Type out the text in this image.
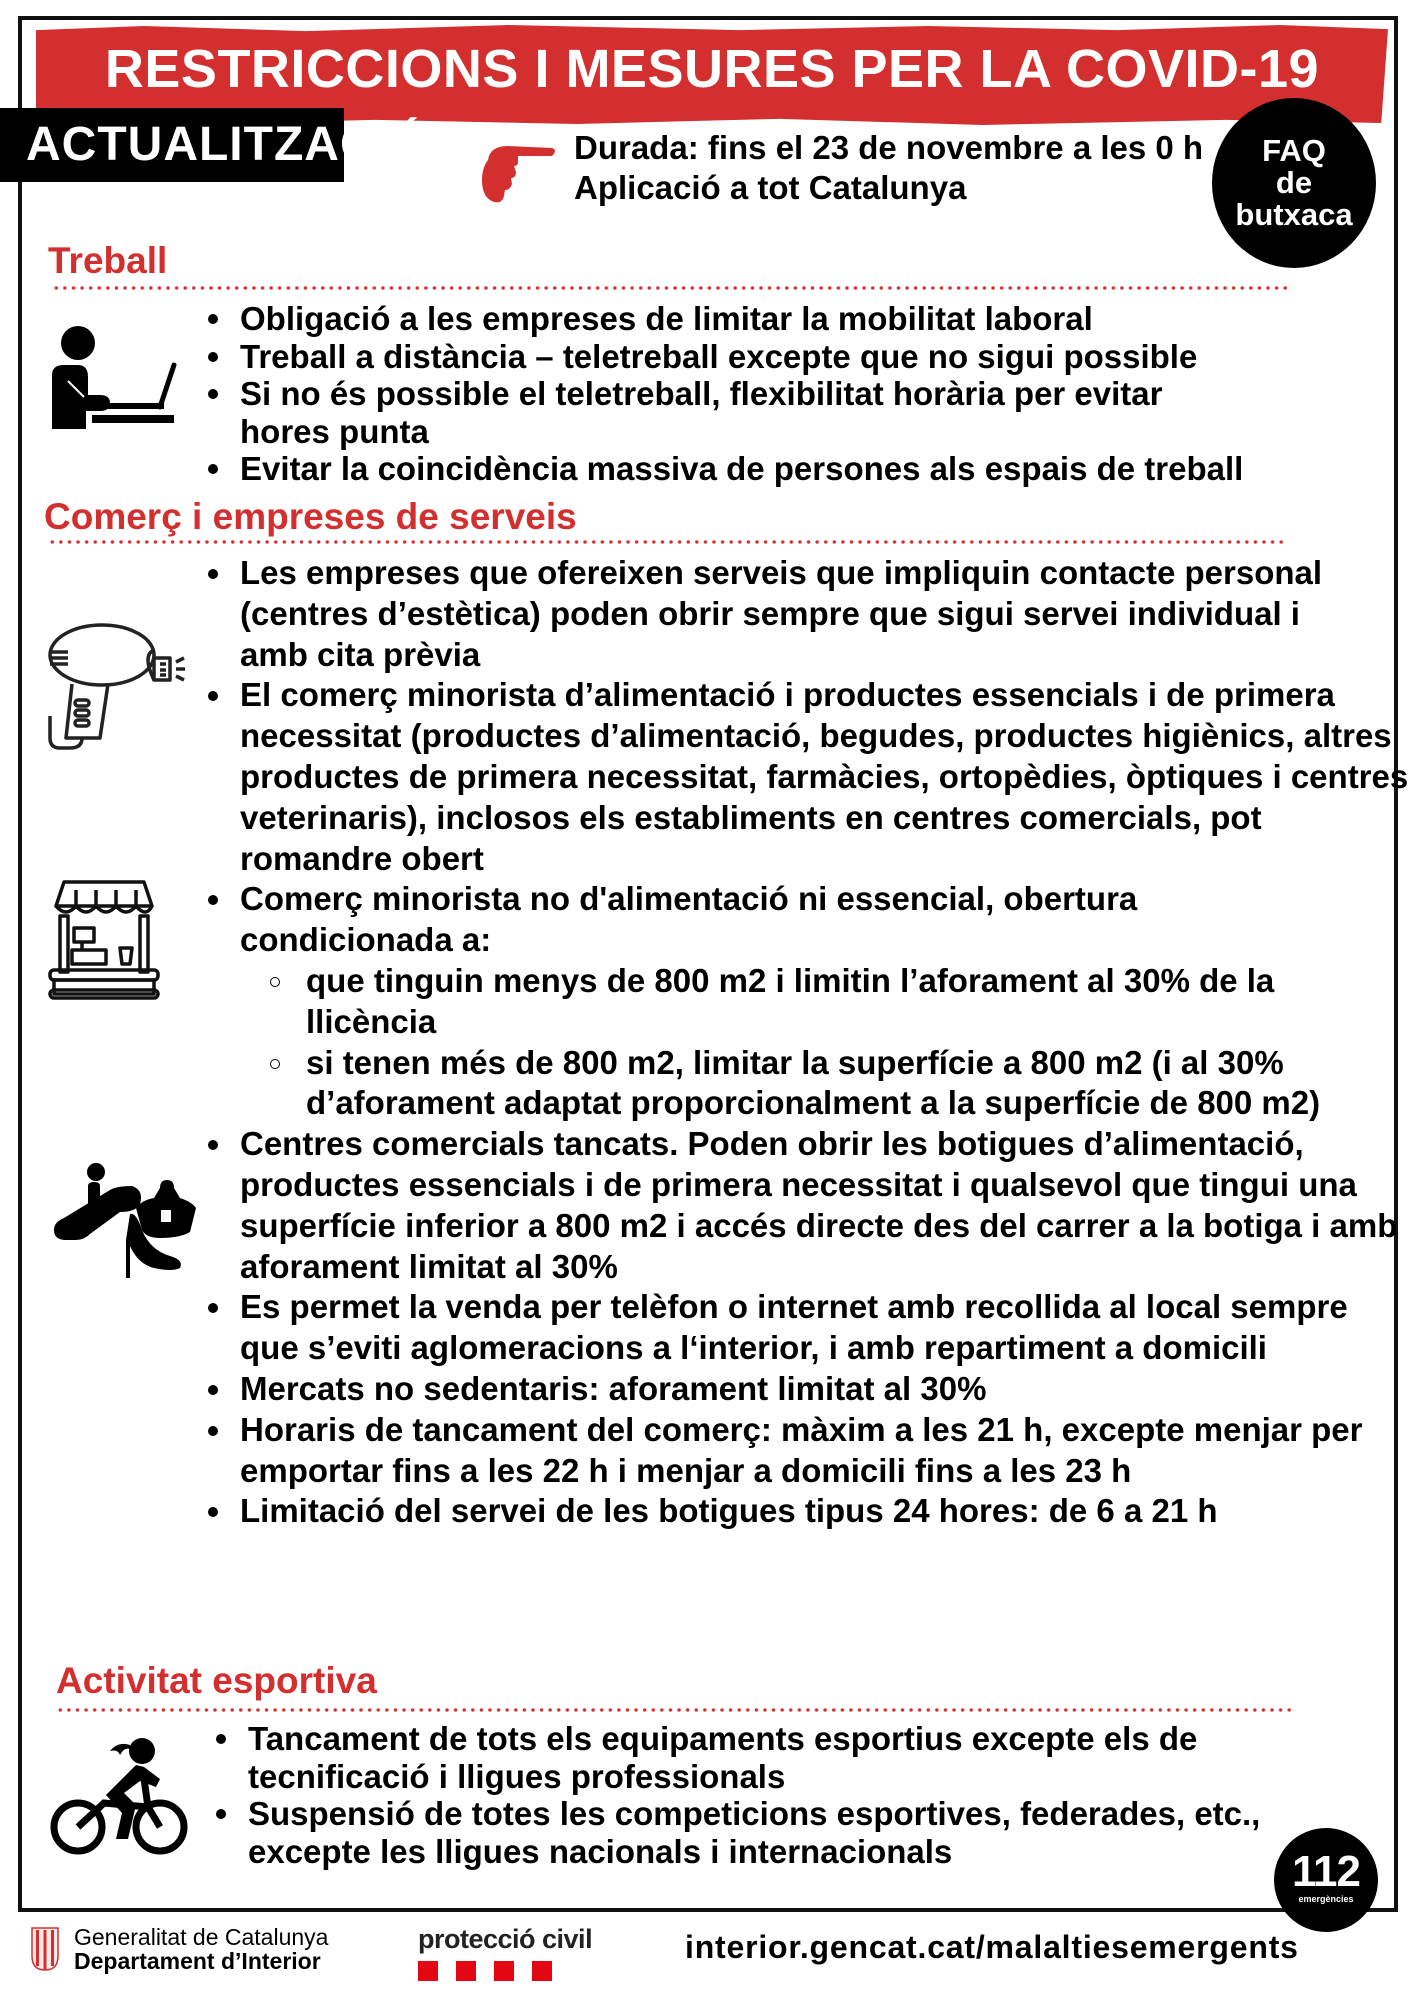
RESTRICCIONS I MESURES PER LA COVID-19
ACTUALITZACIÓ	Durada: fins el 23 de novembre a les 0 h
Aplicació a tot Catalunya
FAQ
de
butxaca
Treball
Obligació a les empreses de limitar la mobilitat laboral
Treball a distància – teletreball excepte que no sigui possible
Si no és possible el teletreball, flexibilitat horària per evitar hores punta
Evitar la coincidència massiva de persones als espais de treball
Comerç i empreses de serveis
Les empreses que ofereixen serveis que impliquin contacte personal (centres d’estètica) poden obrir sempre que sigui servei individual i amb cita prèvia
El comerç minorista d’alimentació i productes essencials i de primera necessitat (productes d’alimentació, begudes, productes higiènics, altres productes de primera necessitat, farmàcies, ortopèdies, òptiques i centres veterinaris), inclosos els establiments en centres comercials, pot romandre obert
Comerç minorista no d'alimentació ni essencial, obertura condicionada a:
que tinguin menys de 800 m2 i limitin l’aforament al 30% de la llicència
si tenen més de 800 m2, limitar la superfície a 800 m2 (i al 30% d’aforament adaptat proporcionalment a la superfície de 800 m2)
Centres comercials tancats. Poden obrir les botigues d’alimentació, productes essencials i de primera necessitat i qualsevol que tingui una superfície inferior a 800 m2 i accés directe des del carrer a la botiga i amb aforament limitat al 30%
Es permet la venda per telèfon o internet amb recollida al local sempre que s’eviti aglomeracions a l‘interior, i amb repartiment a domicili
Mercats no sedentaris: aforament limitat al 30%
Horaris de tancament del comerç: màxim a les 21 h, excepte menjar per emportar fins a les 22 h i menjar a domicili fins a les 23 h
Limitació del servei de les botigues tipus 24 hores: de 6 a 21 h
Activitat esportiva
Tancament de tots els equipaments esportius excepte els de tecnificació i lligues professionals
Suspensió de totes les competicions esportives, federades, etc., excepte les lligues nacionals i internacionals	112
emergències
Generalitat de Catalunya
Departament d’Interior
protecció civil	interior.gencat.cat/malaltiesemergents
